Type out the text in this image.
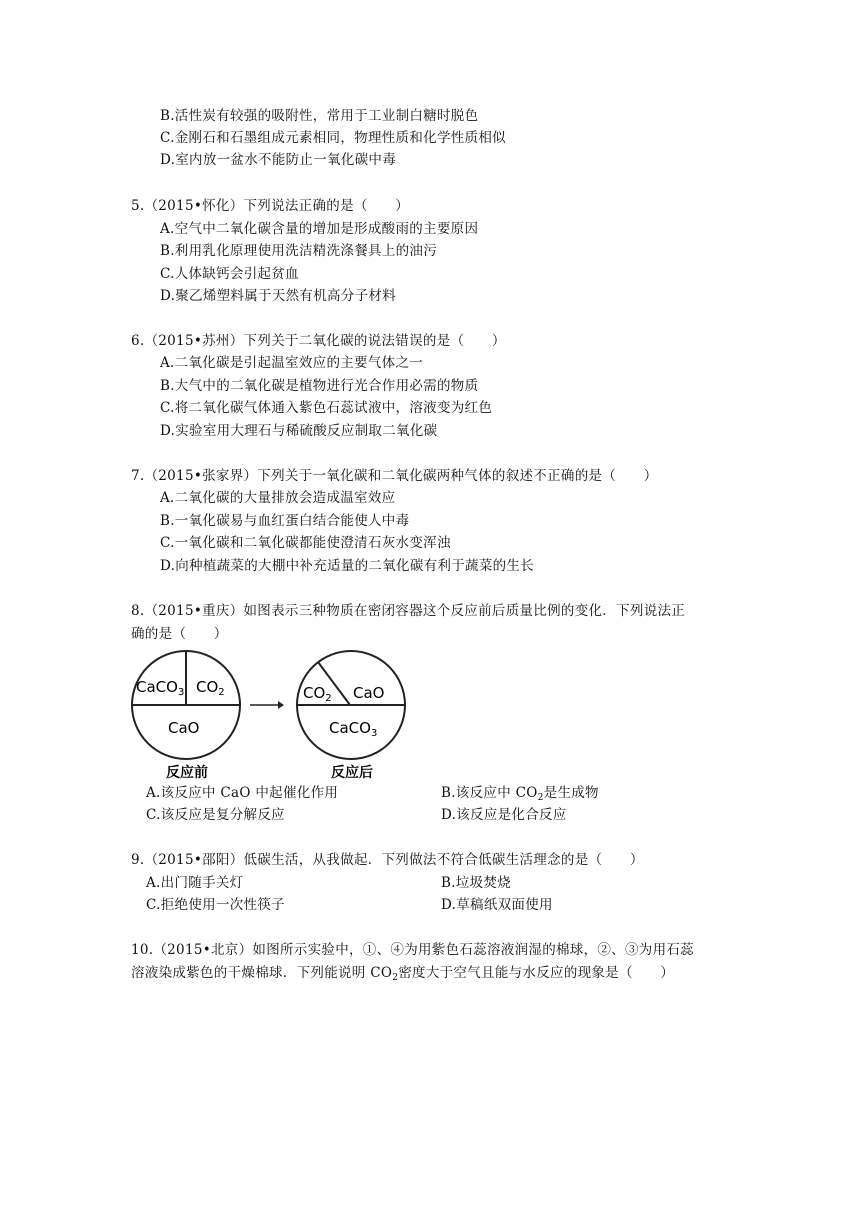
B.活性炭有较强的吸附性，常用于工业制白糖时脱色
C.金刚石和石墨组成元素相同，物理性质和化学性质相似
D.室内放一盆水不能防止一氧化碳中毒
5.（2015•怀化）下列说法正确的是（　　）
A.空气中二氧化碳含量的增加是形成酸雨的主要原因
B.利用乳化原理使用洗洁精洗涤餐具上的油污
C.人体缺钙会引起贫血
D.聚乙烯塑料属于天然有机高分子材料
6.（2015•苏州）下列关于二氧化碳的说法错误的是（　　）
A.二氧化碳是引起温室效应的主要气体之一
B.大气中的二氧化碳是植物进行光合作用必需的物质
C.将二氧化碳气体通入紫色石蕊试液中，溶液变为红色
D.实验室用大理石与稀硫酸反应制取二氧化碳
7.（2015•张家界）下列关于一氧化碳和二氧化碳两种气体的叙述不正确的是（　　）
A.二氧化碳的大量排放会造成温室效应
B.一氧化碳易与血红蛋白结合能使人中毒
C.一氧化碳和二氧化碳都能使澄清石灰水变浑浊
D.向种植蔬菜的大棚中补充适量的二氧化碳有利于蔬菜的生长
8.（2015•重庆）如图表示三种物质在密闭容器这个反应前后质量比例的变化．下列说法正
确的是（　　）
CaCO$_3$ $CO_2$
CaO
反应前
$CO_2$ CaO
CaCO$_3$
反应后
A.该反应中 CaO 中起催化作用	B.该反应中 $CO_2$是生成物
C.该反应是复分解反应	D.该反应是化合反应
9.（2015•邵阳）低碳生活，从我做起．下列做法不符合低碳生活理念的是（　　）
A.出门随手关灯	B.垃圾焚烧
C.拒绝使用一次性筷子	D.草稿纸双面使用
10.（2015•北京）如图所示实验中，①、④为用紫色石蕊溶液润湿的棉球，②、③为用石蕊
溶液染成紫色的干燥棉球．下列能说明 $CO_2$密度大于空气且能与水反应的现象是（　　）
